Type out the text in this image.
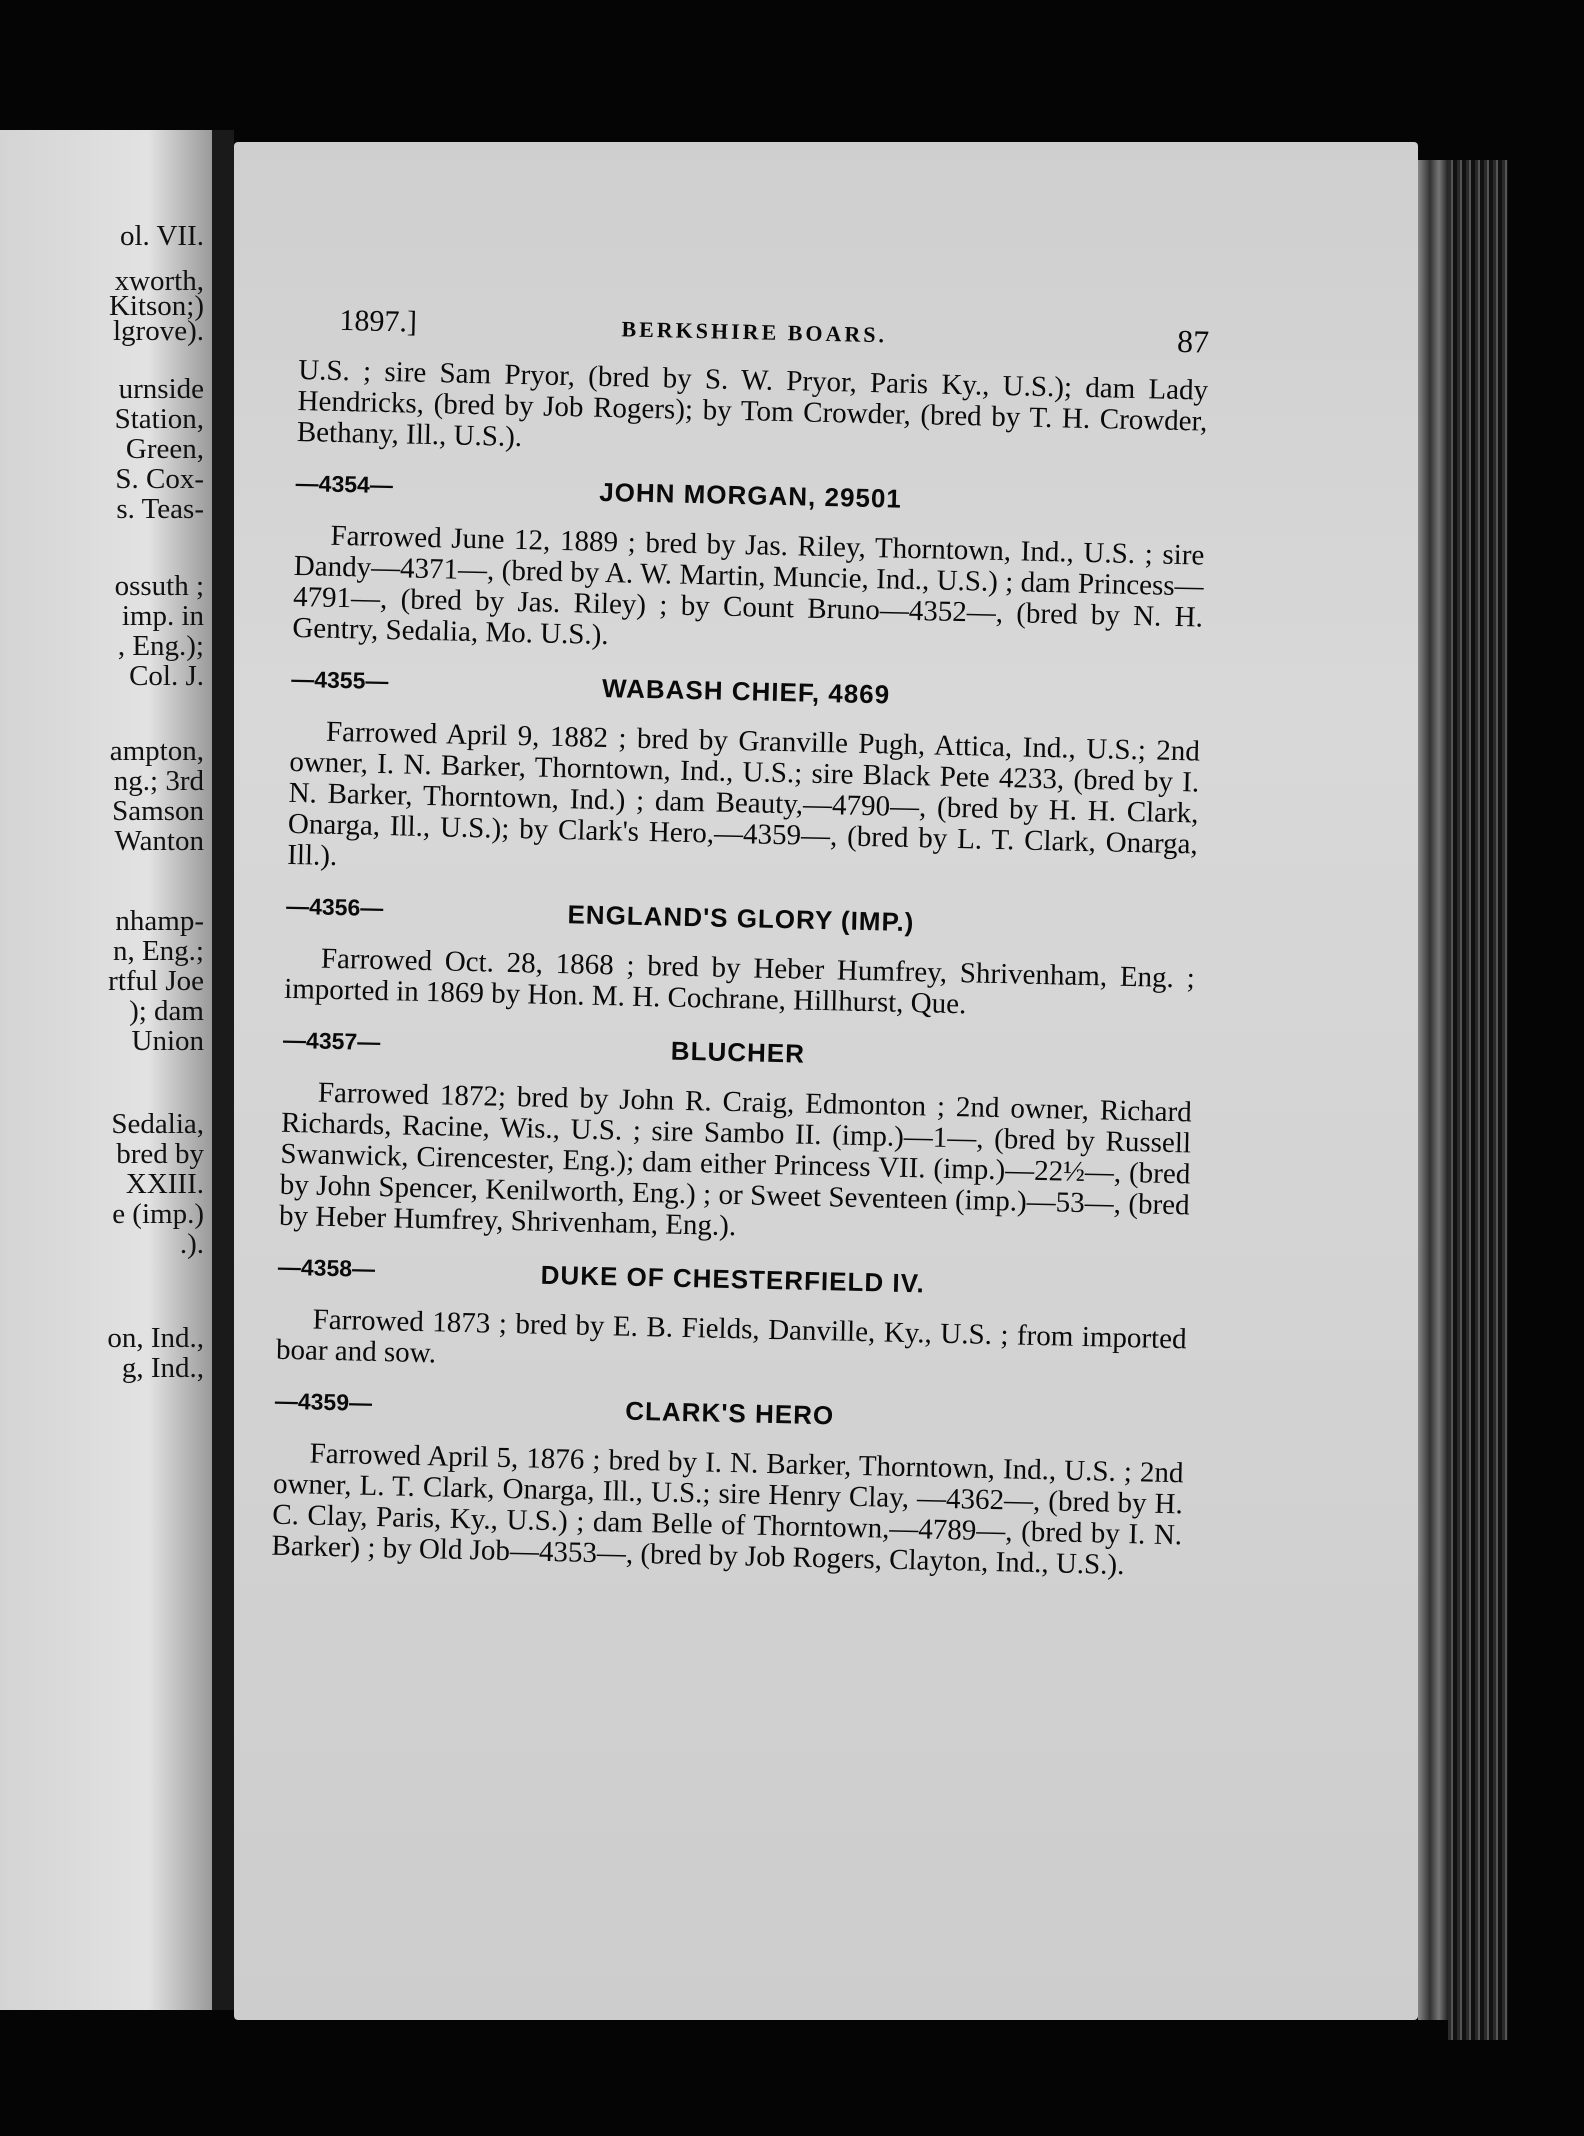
ol. VII.
xworth,
Kitson;)
lgrove).
urnside
Station,
Green,
S. Cox-
s. Teas-
ossuth ;
imp. in
, Eng.);
Col. J.
ampton,
ng.; 3rd
Samson
Wanton
nhamp-
n, Eng.;
rtful Joe
); dam
Union
Sedalia,
bred by
XXIII.
e (imp.)
.).
on, Ind.,
g, Ind.,
1897.]	BERKSHIRE BOARS.	87

U.S. ; sire Sam Pryor, (bred by S. W. Pryor, Paris Ky., U.S.); dam Lady Hendricks, (bred by Job Rogers); by Tom Crowder, (bred by T. H. Crowder, Bethany, Ill., U.S.).

—4354—	JOHN MORGAN, 29501

Farrowed June 12, 1889 ; bred by Jas. Riley, Thorntown, Ind., U.S. ; sire Dandy—4371—, (bred by A. W. Martin, Muncie, Ind., U.S.) ; dam Princess—4791—, (bred by Jas. Riley) ; by Count Bruno—4352—, (bred by N. H. Gentry, Sedalia, Mo. U.S.).

—4355—	WABASH CHIEF, 4869

Farrowed April 9, 1882 ; bred by Granville Pugh, Attica, Ind., U.S.; 2nd owner, I. N. Barker, Thorntown, Ind., U.S.; sire Black Pete 4233, (bred by I. N. Barker, Thorntown, Ind.) ; dam Beauty,—4790—, (bred by H. H. Clark, Onarga, Ill., U.S.); by Clark's Hero,—4359—, (bred by L. T. Clark, Onarga, Ill.).

—4356—	ENGLAND'S GLORY (IMP.)

Farrowed Oct. 28, 1868 ; bred by Heber Humfrey, Shrivenham, Eng. ; imported in 1869 by Hon. M. H. Cochrane, Hillhurst, Que.

—4357—	BLUCHER

Farrowed 1872; bred by John R. Craig, Edmonton ; 2nd owner, Richard Richards, Racine, Wis., U.S. ; sire Sambo II. (imp.)—1—, (bred by Russell Swanwick, Cirencester, Eng.); dam either Princess VII. (imp.)—22½—, (bred by John Spencer, Kenilworth, Eng.) ; or Sweet Seventeen (imp.)—53—, (bred by Heber Humfrey, Shrivenham, Eng.).

—4358—	DUKE OF CHESTERFIELD IV.

Farrowed 1873 ; bred by E. B. Fields, Danville, Ky., U.S. ; from imported boar and sow.

—4359—	CLARK'S HERO

Farrowed April 5, 1876 ; bred by I. N. Barker, Thorntown, Ind., U.S. ; 2nd owner, L. T. Clark, Onarga, Ill., U.S.; sire Henry Clay, —4362—, (bred by H. C. Clay, Paris, Ky., U.S.) ; dam Belle of Thorntown,—4789—, (bred by I. N. Barker) ; by Old Job—4353—, (bred by Job Rogers, Clayton, Ind., U.S.).
